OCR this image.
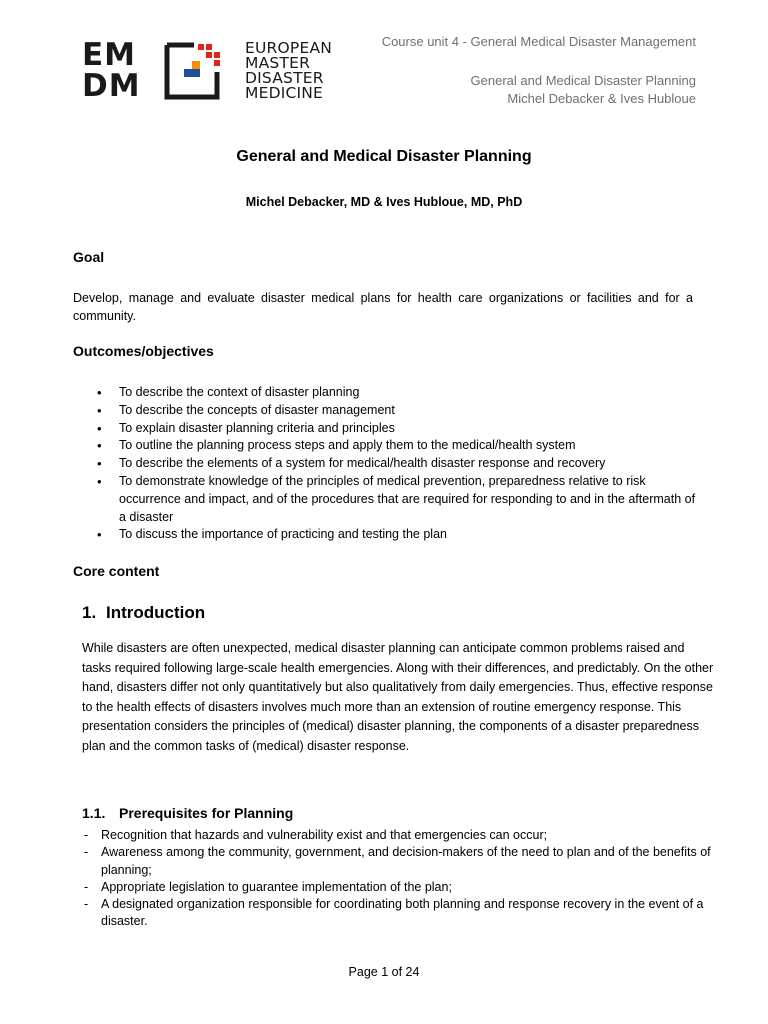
EM
DM
EUROPEAN
MASTER
DISASTER
MEDICINE
Course unit 4 - General Medical Disaster Management
General and Medical Disaster Planning
Michel Debacker & Ives Hubloue
General and Medical Disaster Planning
Michel Debacker, MD & Ives Hubloue, MD, PhD
Goal
Develop, manage and evaluate disaster medical plans for health care organizations or facilities and for a community.
Outcomes/objectives
• To describe the context of disaster planning
• To describe the concepts of disaster management
• To explain disaster planning criteria and principles
• To outline the planning process steps and apply them to the medical/health system
• To describe the elements of a system for medical/health disaster response and recovery
• To demonstrate knowledge of the principles of medical prevention, preparedness relative to risk occurrence and impact, and of the procedures that are required for responding to and in the aftermath of a disaster
• To discuss the importance of practicing and testing the plan
Core content
1. Introduction
While disasters are often unexpected, medical disaster planning can anticipate common problems raised and tasks required following large-scale health emergencies. Along with their differences, and predictably. On the other hand, disasters differ not only quantitatively but also qualitatively from daily emergencies. Thus, effective response to the health effects of disasters involves much more than an extension of routine emergency response. This presentation considers the principles of (medical) disaster planning, the components of a disaster preparedness plan and the common tasks of (medical) disaster response.
1.1. Prerequisites for Planning
- Recognition that hazards and vulnerability exist and that emergencies can occur;
- Awareness among the community, government, and decision-makers of the need to plan and of the benefits of planning;
- Appropriate legislation to guarantee implementation of the plan;
- A designated organization responsible for coordinating both planning and response recovery in the event of a disaster.
Page 1 of 24
